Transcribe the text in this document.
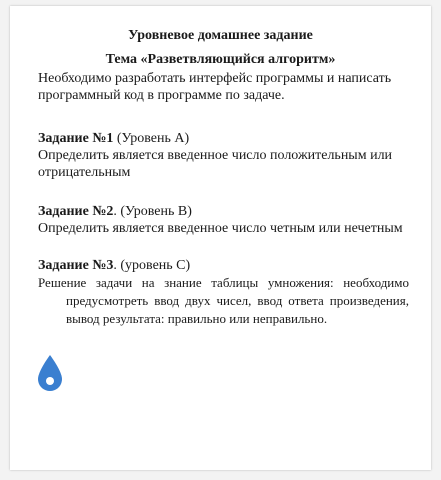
Уровневое домашнее задание
Тема «Разветвляющийся алгоритм»
Необходимо разработать интерфейс программы и написать программный код в программе по задаче.
Задание №1 (Уровень А)
Определить является введенное число положительным или отрицательным
Задание №2. (Уровень В)
Определить является введенное число четным или нечетным
Задание №3. (уровень С)
Решение задачи на знание таблицы умножения: необходимо
предусмотреть ввод двух чисел, ввод ответа произведения, вывод результата: правильно или неправильно.
